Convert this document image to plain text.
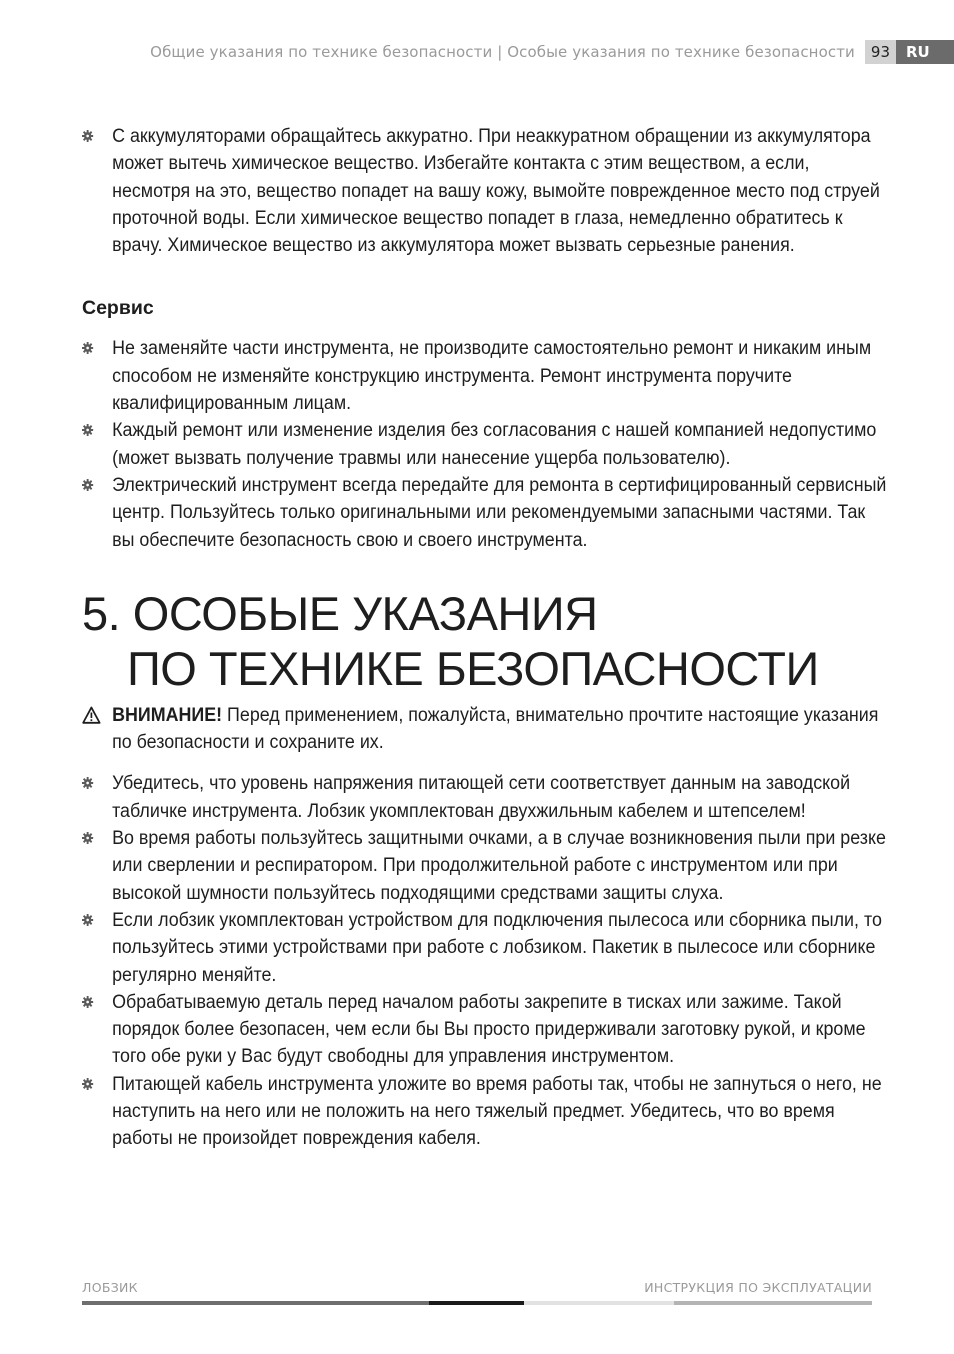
Общие указания по технике безопасности | Особые указания по технике безопасности	93	RU
С аккумуляторами обращайтесь аккуратно. При неаккуратном обращении из аккумулятора может вытечь химическое вещество. Избегайте контакта с этим веществом, а если, несмотря на это, вещество попадет на вашу кожу, вымойте поврежденное место под струей проточной воды. Если химическое вещество попадет в глаза, немедленно обратитесь к врачу. Химическое вещество из аккумулятора может вызвать серьезные ранения.
Сервис
Не заменяйте части инструмента, не производите самостоятельно ремонт и никаким иным способом не изменяйте конструкцию инструмента. Ремонт инструмента поручите квалифицированным лицам.
Каждый ремонт или изменение изделия без согласования с нашей компанией недопустимо (может вызвать получение травмы или нанесение ущерба пользователю).
Электрический инструмент всегда передайте для ремонта в сертифицированный сервисный центр. Пользуйтесь только оригинальными или рекомендуемыми запасными частями. Так вы обеспечите безопасность свою и своего инструмента.
5. ОСОБЫЕ УКАЗАНИЯ
ПО ТЕХНИКЕ БЕЗОПАСНОСТИ
ВНИМАНИЕ! Перед применением, пожалуйста, внимательно прочтите настоящие указания по безопасности и сохраните их.
Убедитесь, что уровень напряжения питающей сети соответствует данным на заводской табличке инструмента. Лобзик укомплектован двухжильным кабелем и штепселем!
Во время работы пользуйтесь защитными очками, а в случае возникновения пыли при резке или сверлении и респиратором. При продолжительной работе с инструментом или при высокой шумности пользуйтесь подходящими средствами защиты слуха.
Если лобзик укомплектован устройством для подключения пылесоса или сборника пыли, то пользуйтесь этими устройствами при работе с лобзиком. Пакетик в пылесосе или сборнике регулярно меняйте.
Обрабатываемую деталь перед началом работы закрепите в тисках или зажиме. Такой порядок более безопасен, чем если бы Вы просто придерживали заготовку рукой, и кроме того обе руки у Вас будут свободны для управления инструментом.
Питающей кабель инструмента уложите во время работы так, чтобы не запнуться о него, не наступить на него или не положить на него тяжелый предмет. Убедитесь, что во время работы не произойдет повреждения кабеля.
ЛОБЗИК	ИНСТРУКЦИЯ ПО ЭКСПЛУАТАЦИИ
